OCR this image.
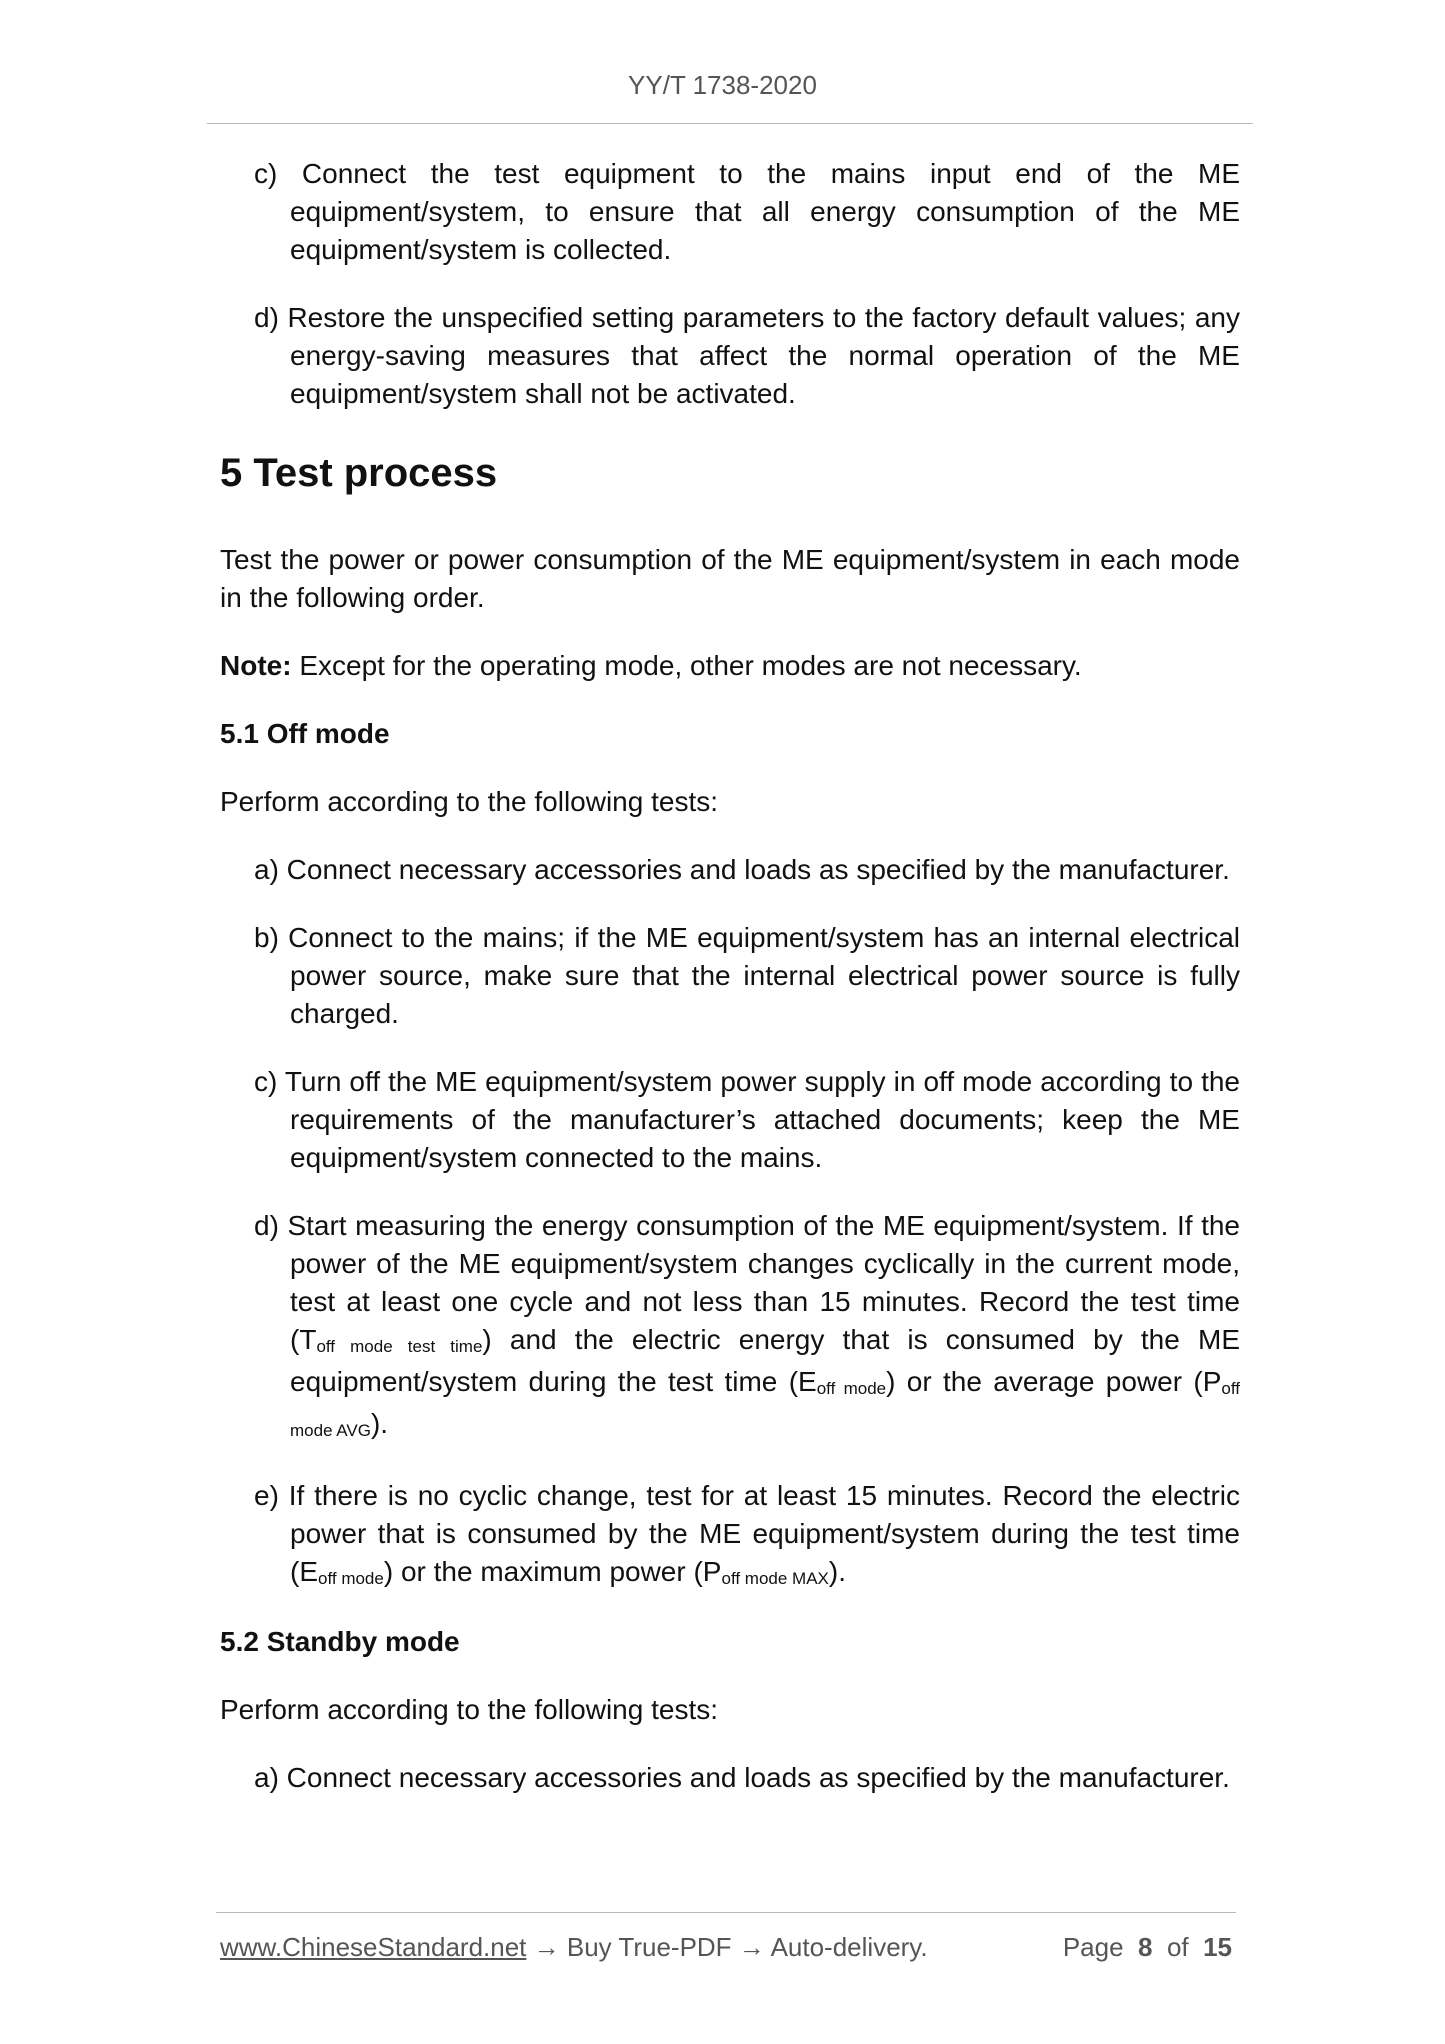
YY/T 1738-2020

c) Connect the test equipment to the mains input end of the ME equipment/system, to ensure that all energy consumption of the ME equipment/system is collected.

d) Restore the unspecified setting parameters to the factory default values; any energy-saving measures that affect the normal operation of the ME equipment/system shall not be activated.

5 Test process

Test the power or power consumption of the ME equipment/system in each mode in the following order.

Note: Except for the operating mode, other modes are not necessary.

5.1 Off mode

Perform according to the following tests:

a) Connect necessary accessories and loads as specified by the manufacturer.

b) Connect to the mains; if the ME equipment/system has an internal electrical power source, make sure that the internal electrical power source is fully charged.

c) Turn off the ME equipment/system power supply in off mode according to the requirements of the manufacturer’s attached documents; keep the ME equipment/system connected to the mains.

d) Start measuring the energy consumption of the ME equipment/system. If the power of the ME equipment/system changes cyclically in the current mode, test at least one cycle and not less than 15 minutes. Record the test time $(T_{off mode test time})$ and the electric energy that is consumed by the ME equipment/system during the test time $(E_{off mode})$ or the average power $(P_{off mode AVG})$.

e) If there is no cyclic change, test for at least 15 minutes. Record the electric power that is consumed by the ME equipment/system during the test time $(E_{off mode})$ or the maximum power $(P_{off mode MAX})$.

5.2 Standby mode

Perform according to the following tests:

a) Connect necessary accessories and loads as specified by the manufacturer.

www.ChineseStandard.net → Buy True-PDF → Auto-delivery.	Page 8 of 15
